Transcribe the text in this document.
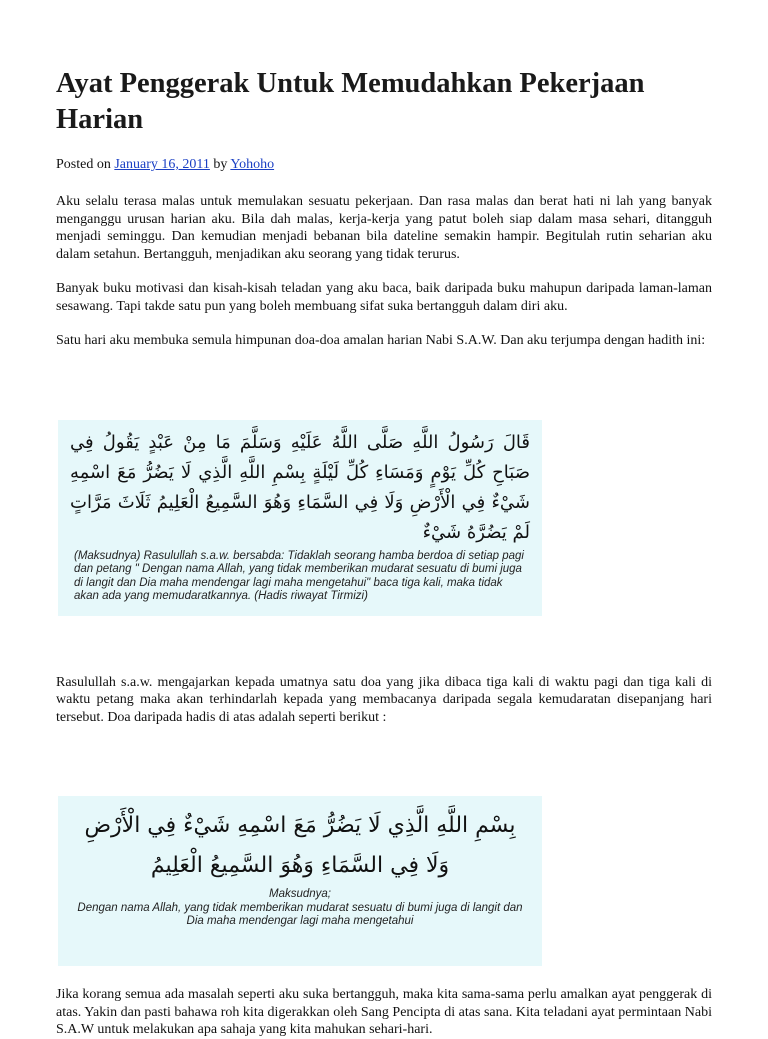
Ayat Penggerak Untuk Memudahkan Pekerjaan Harian
Posted on January 16, 2011 by Yohoho

Aku selalu terasa malas untuk memulakan sesuatu pekerjaan. Dan rasa malas dan berat hati ni lah yang banyak menganggu urusan harian aku. Bila dah malas, kerja-kerja yang patut boleh siap dalam masa sehari, ditangguh menjadi seminggu. Dan kemudian menjadi bebanan bila dateline semakin hampir. Begitulah rutin seharian aku dalam setahun. Bertangguh, menjadikan aku seorang yang tidak terurus.

Banyak buku motivasi dan kisah-kisah teladan yang aku baca, baik daripada buku mahupun daripada laman-laman sesawang. Tapi takde satu pun yang boleh membuang sifat suka bertangguh dalam diri aku.

Satu hari aku membuka semula himpunan doa-doa amalan harian Nabi S.A.W. Dan aku terjumpa dengan hadith ini:

قَالَ رَسُولُ اللَّهِ صَلَّى اللَّهُ عَلَيْهِ وَسَلَّمَ مَا مِنْ عَبْدٍ يَقُولُ فِي صَبَاحِ كُلِّ يَوْمٍ وَمَسَاءِ كُلِّ لَيْلَةٍ بِسْمِ اللَّهِ الَّذِي لَا يَضُرُّ مَعَ اسْمِهِ شَيْءٌ فِي الْأَرْضِ وَلَا فِي السَّمَاءِ وَهُوَ السَّمِيعُ الْعَلِيمُ ثَلَاثَ مَرَّاتٍ لَمْ يَضُرَّهُ شَيْءٌ
(Maksudnya) Rasulullah s.a.w. bersabda: Tidaklah seorang hamba berdoa di setiap pagi dan petang " Dengan nama Allah, yang tidak memberikan mudarat sesuatu di bumi juga di langit dan Dia maha mendengar lagi maha mengetahui" baca tiga kali, maka tidak akan ada yang memudaratkannya. (Hadis riwayat Tirmizi)

Rasulullah s.a.w. mengajarkan kepada umatnya satu doa yang jika dibaca tiga kali di waktu pagi dan tiga kali di waktu petang maka akan terhindarlah kepada yang membacanya daripada segala kemudaratan disepanjang hari tersebut. Doa daripada hadis di atas adalah seperti berikut :

بِسْمِ اللَّهِ الَّذِي لَا يَضُرُّ مَعَ اسْمِهِ شَيْءٌ فِي الْأَرْضِ وَلَا فِي السَّمَاءِ وَهُوَ السَّمِيعُ الْعَلِيمُ
Maksudnya;
Dengan nama Allah, yang tidak memberikan mudarat sesuatu di bumi juga di langit dan Dia maha mendengar lagi maha mengetahui

Jika korang semua ada masalah seperti aku suka bertangguh, maka kita sama-sama perlu amalkan ayat penggerak di atas. Yakin dan pasti bahawa roh kita digerakkan oleh Sang Pencipta di atas sana. Kita teladani ayat permintaan Nabi S.A.W untuk melakukan apa sahaja yang kita mahukan sehari-hari.
